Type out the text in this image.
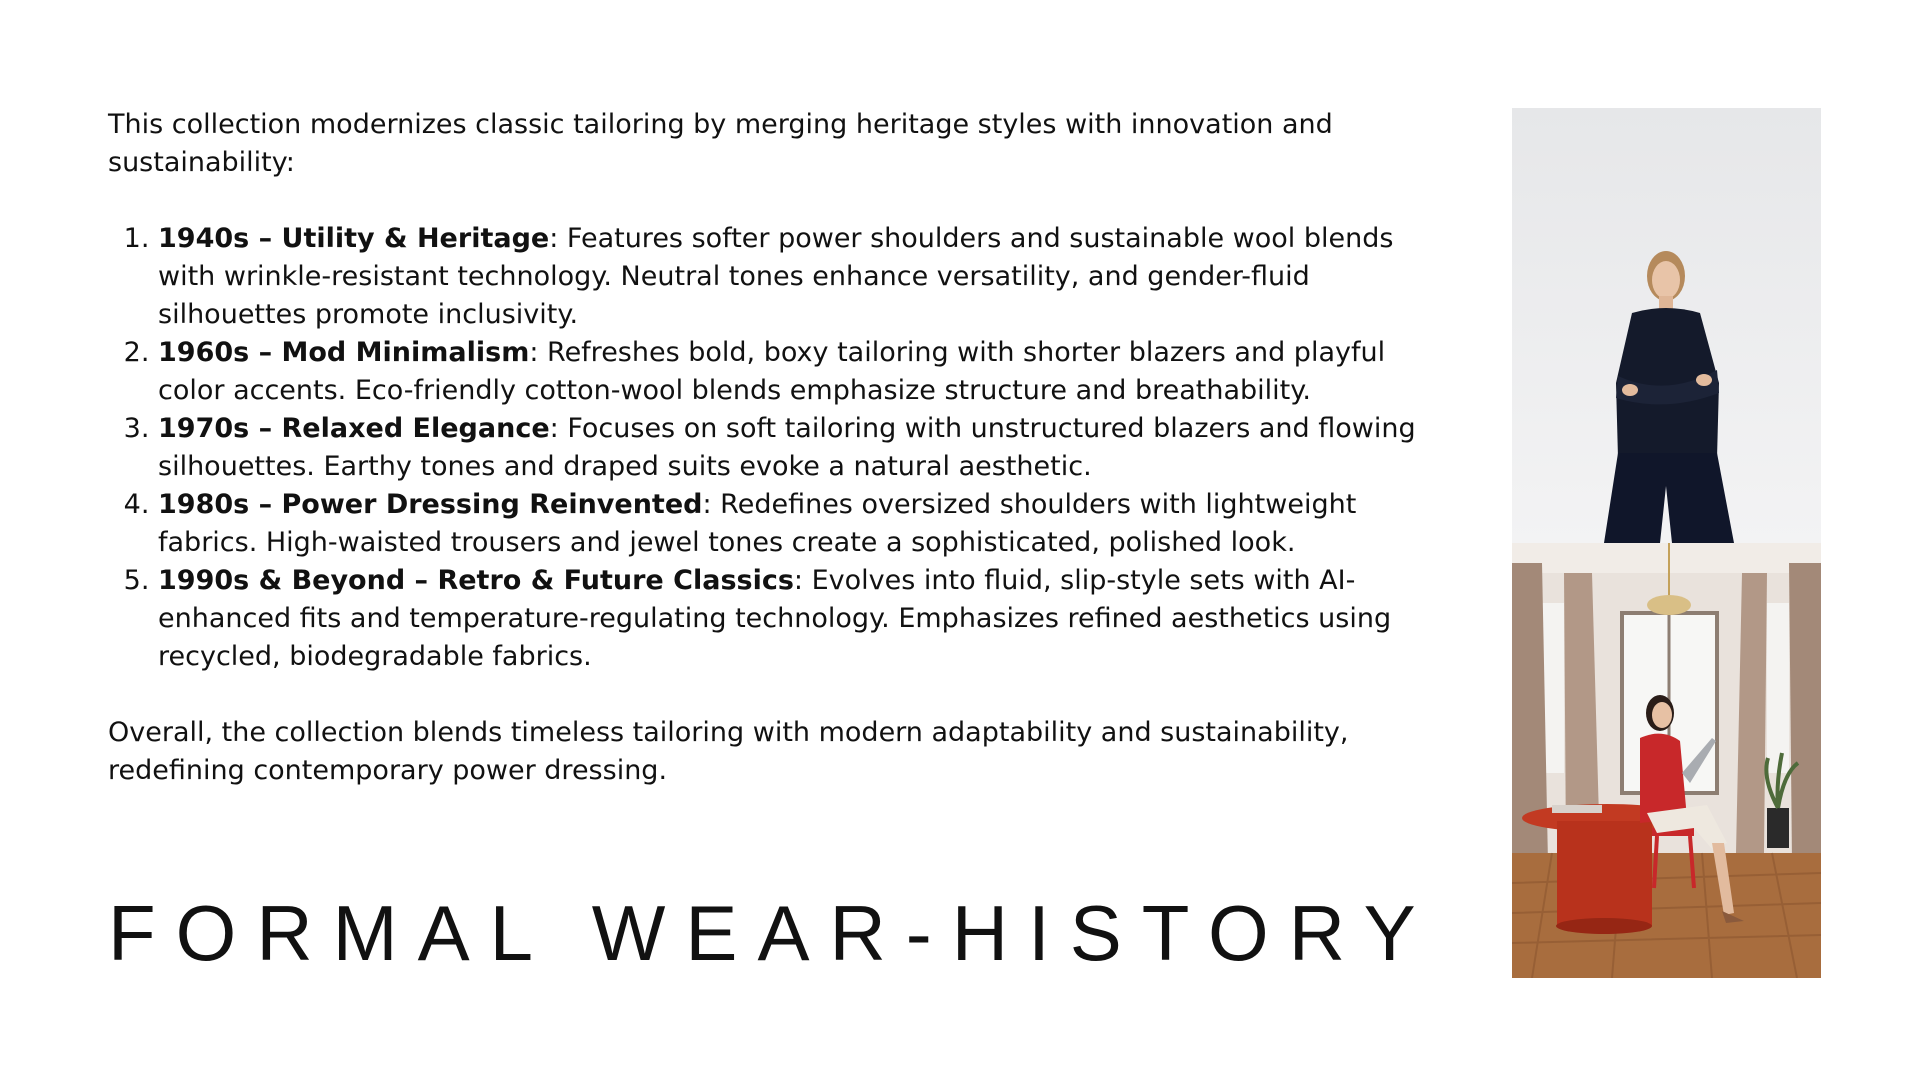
This collection modernizes classic tailoring by merging heritage styles with innovation and sustainability:

1. 1940s – Utility & Heritage: Features softer power shoulders and sustainable wool blends with wrinkle-resistant technology. Neutral tones enhance versatility, and gender-fluid silhouettes promote inclusivity.
2. 1960s – Mod Minimalism: Refreshes bold, boxy tailoring with shorter blazers and playful color accents. Eco-friendly cotton-wool blends emphasize structure and breathability.
3. 1970s – Relaxed Elegance: Focuses on soft tailoring with unstructured blazers and flowing silhouettes. Earthy tones and draped suits evoke a natural aesthetic.
4. 1980s – Power Dressing Reinvented: Redefines oversized shoulders with lightweight fabrics. High-waisted trousers and jewel tones create a sophisticated, polished look.
5. 1990s & Beyond – Retro & Future Classics: Evolves into fluid, slip-style sets with AI-enhanced fits and temperature-regulating technology. Emphasizes refined aesthetics using recycled, biodegradable fabrics.

Overall, the collection blends timeless tailoring with modern adaptability and sustainability, redefining contemporary power dressing.

FORMAL WEAR-HISTORY
